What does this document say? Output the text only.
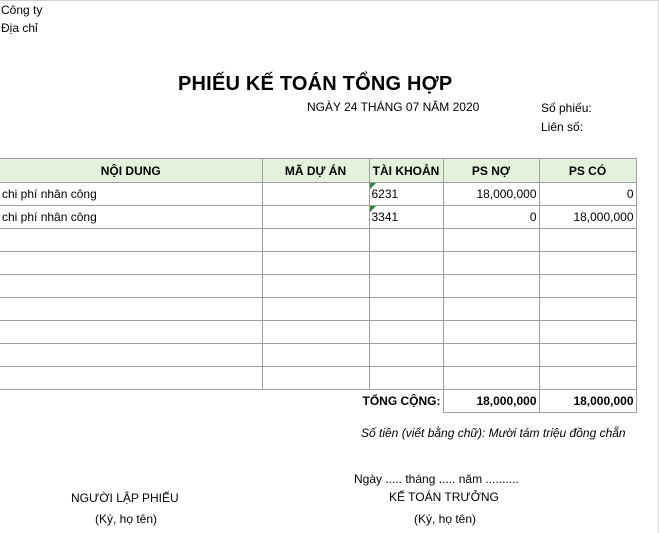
Công ty
Địa chỉ
PHIẾU KẾ TOÁN TỔNG HỢP
NGÀY 24 THÁNG 07 NĂM 2020	Số phiếu:
Liên số:
NỘI DUNG	MÃ DỰ ÁN	TÀI KHOẢN	PS NỢ	PS CÓ
chi phí nhân công		6231	18,000,000	0
chi phí nhân công		3341	0	18,000,000

	TỔNG CỘNG:		18,000,000	18,000,000
Số tiền (viết bằng chữ): Mười tám triệu đồng chẵn
Ngày ..... tháng ..... năm ..........
NGƯỜI LẬP PHIẾU
(Ký, họ tên)
KẾ TOÁN TRƯỞNG
(Ký, họ tên)
